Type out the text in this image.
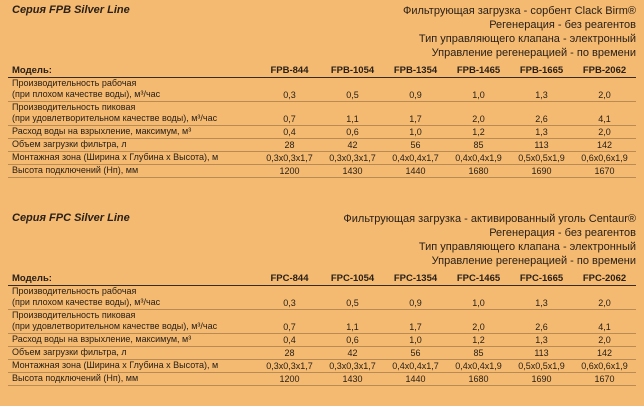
Серия FPB Silver Line	Фильтрующая загрузка - сорбент Clack Birm®
Регенерация - без реагентов
Тип управляющего клапана - электронный
Управление регенерацией - по времени
Модель:	FPB-844	FPB-1054	FPB-1354	FPB-1465	FPB-1665	FPB-2062

Производительность рабочая
(при плохом качестве воды), м³/час	0,3	0,5	0,9	1,0	1,3	2,0

Производительность пиковая
(при удовлетворительном качестве воды), м³/час	0,7	1,1	1,7	2,0	2,6	4,1

Расход воды на взрыхление, максимум, м³	0,4	0,6	1,0	1,2	1,3	2,0

Объем загрузки фильтра, л	28	42	56	85	113	142

Монтажная зона (Ширина х Глубина х Высота), м	0,3х0,3х1,7	0,3х0,3х1,7	0,4х0,4х1,7	0,4х0,4х1,9	0,5х0,5х1,9	0,6х0,6х1,9

Высота подключений (Нп), мм	1200	1430	1440	1680	1690	1670
Серия FPC Silver Line	Фильтрующая загрузка - активированный уголь Centaur®
Регенерация - без реагентов
Тип управляющего клапана - электронный
Управление регенерацией - по времени
Модель:	FPC-844	FPC-1054	FPC-1354	FPC-1465	FPC-1665	FPC-2062

Производительность рабочая
(при плохом качестве воды), м³/час	0,3	0,5	0,9	1,0	1,3	2,0

Производительность пиковая
(при удовлетворительном качестве воды), м³/час	0,7	1,1	1,7	2,0	2,6	4,1

Расход воды на взрыхление, максимум, м³	0,4	0,6	1,0	1,2	1,3	2,0

Объем загрузки фильтра, л	28	42	56	85	113	142

Монтажная зона (Ширина х Глубина х Высота), м	0,3х0,3х1,7	0,3х0,3х1,7	0,4х0,4х1,7	0,4х0,4х1,9	0,5х0,5х1,9	0,6х0,6х1,9

Высота подключений (Нп), мм	1200	1430	1440	1680	1690	1670
